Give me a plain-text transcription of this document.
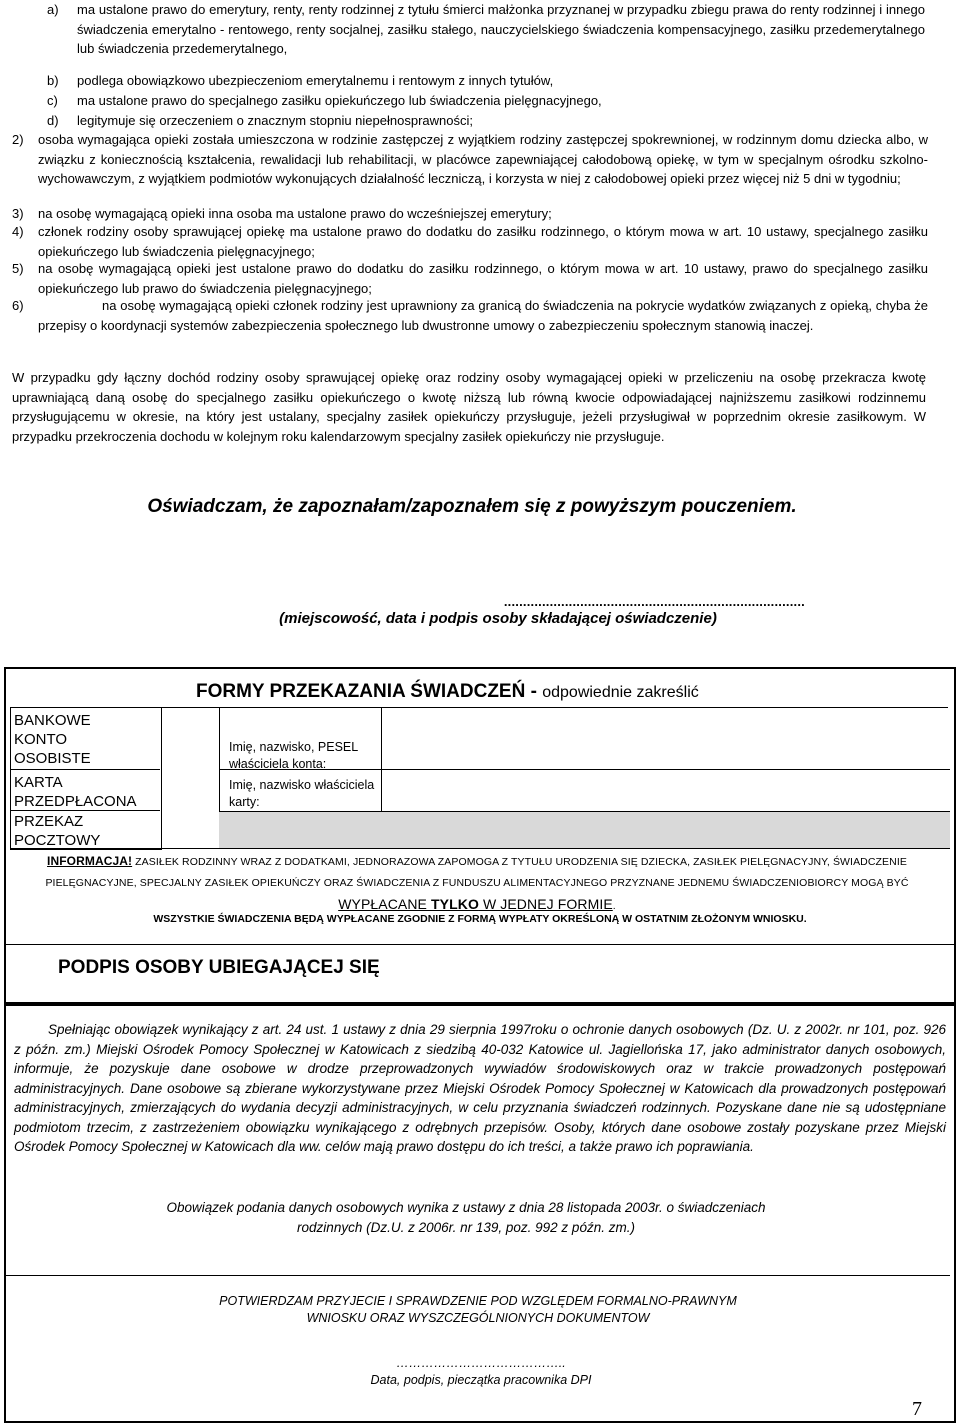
a) ma ustalone prawo do emerytury, renty, renty rodzinnej z tytułu śmierci małżonka przyznanej w przypadku zbiegu prawa do renty rodzinnej i innego świadczenia emerytalno - rentowego, renty socjalnej, zasiłku stałego, nauczycielskiego świadczenia kompensacyjnego, zasiłku przedemerytalnego lub świadczenia przedemerytalnego,
b) podlega obowiązkowo ubezpieczeniom emerytalnemu i rentowym z innych tytułów,
c) ma ustalone prawo do specjalnego zasiłku opiekuńczego lub świadczenia pielęgnacyjnego,
d) legitymuje się orzeczeniem o znacznym stopniu niepełnosprawności;
2) osoba wymagająca opieki została umieszczona w rodzinie zastępczej z wyjątkiem rodziny zastępczej spokrewnionej, w rodzinnym domu dziecka albo, w związku z koniecznością kształcenia, rewalidacji lub rehabilitacji, w placówce zapewniającej całodobową opiekę, w tym w specjalnym ośrodku szkolno-wychowawczym, z wyjątkiem podmiotów wykonujących działalność leczniczą, i korzysta w niej z całodobowej opieki przez więcej niż 5 dni w tygodniu;
3) na osobę wymagającą opieki inna osoba ma ustalone prawo do wcześniejszej emerytury;
4) członek rodziny osoby sprawującej opiekę ma ustalone prawo do dodatku do zasiłku rodzinnego, o którym mowa w art. 10 ustawy, specjalnego zasiłku opiekuńczego lub świadczenia pielęgnacyjnego;
5) na osobę wymagającą opieki jest ustalone prawo do dodatku do zasiłku rodzinnego, o którym mowa w art. 10 ustawy, prawo do specjalnego zasiłku opiekuńczego lub prawo do świadczenia pielęgnacyjnego;
6)	na osobę wymagającą opieki członek rodziny jest uprawniony za granicą do świadczenia na pokrycie wydatków związanych z opieką, chyba że przepisy o koordynacji systemów zabezpieczenia społecznego lub dwustronne umowy o zabezpieczeniu społecznym stanowią inaczej.
W przypadku gdy łączny dochód rodziny osoby sprawującej opiekę oraz rodziny osoby wymagającej opieki w przeliczeniu na osobę przekracza kwotę uprawniającą daną osobę do specjalnego zasiłku opiekuńczego o kwotę niższą lub równą kwocie odpowiadającej najniższemu zasiłkowi rodzinnemu przysługującemu w okresie, na który jest ustalany, specjalny zasiłek opiekuńczy przysługuje, jeżeli przysługiwał w poprzednim okresie zasiłkowym. W przypadku przekroczenia dochodu w kolejnym roku kalendarzowym specjalny zasiłek opiekuńczy nie przysługuje.
Oświadczam, że zapoznałam/zapoznałem się z powyższym pouczeniem.
...............................................................................
(miejscowość, data i podpis osoby składającej oświadczenie)
FORMY PRZEKAZANIA ŚWIADCZEŃ - odpowiednie zakreślić
BANKOWE KONTO OSOBISTE
KARTA PRZEDPŁACONA
PRZEKAZ POCZTOWY
Imię, nazwisko, PESEL właściciela konta:
Imię, nazwisko właściciela karty:
INFORMACJA! ZASIŁEK RODZINNY WRAZ Z DODATKAMI, JEDNORAZOWA ZAPOMOGA Z TYTUŁU URODZENIA SIĘ DZIECKA, ZASIŁEK PIELĘGNACYJNY, ŚWIADCZENIE PIELĘGNACYJNE, SPECJALNY ZASIŁEK OPIEKUŃCZY ORAZ ŚWIADCZENIA Z FUNDUSZU ALIMENTACYJNEGO PRZYZNANE JEDNEMU ŚWIADCZENIOBIORCY MOGĄ BYĆ WYPŁACANE TYLKO W JEDNEJ FORMIE.
WSZYSTKIE ŚWIADCZENIA BĘDĄ WYPŁACANE ZGODNIE Z FORMĄ WYPŁATY OKREŚLONĄ W OSTATNIM ZŁOŻONYM WNIOSKU.
PODPIS OSOBY UBIEGAJĄCEJ SIĘ
Spełniając obowiązek wynikający z art. 24 ust. 1 ustawy z dnia 29 sierpnia 1997roku o ochronie danych osobowych (Dz. U. z 2002r. nr 101, poz. 926 z późn. zm.) Miejski Ośrodek Pomocy Społecznej w Katowicach z siedzibą 40-032 Katowice ul. Jagiellońska 17, jako administrator danych osobowych, informuje, że pozyskuje dane osobowe w drodze przeprowadzonych wywiadów środowiskowych oraz w trakcie prowadzonych postępowań administracyjnych. Dane osobowe są zbierane wykorzystywane przez Miejski Ośrodek Pomocy Społecznej w Katowicach dla prowadzonych postępowań administracyjnych, zmierzających do wydania decyzji administracyjnych, w celu przyznania świadczeń rodzinnych. Pozyskane dane nie są udostępniane podmiotom trzecim, z zastrzeżeniem obowiązku wynikającego z odrębnych przepisów. Osoby, których dane osobowe zostały pozyskane przez Miejski Ośrodek Pomocy Społecznej w Katowicach dla ww. celów mają prawo dostępu do ich treści, a także prawo ich poprawiania.
Obowiązek podania danych osobowych wynika z ustawy z dnia 28 listopada 2003r. o świadczeniach rodzinnych (Dz.U. z 2006r. nr 139, poz. 992 z późn. zm.)
POTWIERDZAM PRZYJECIE I SPRAWDZENIE POD WZGLĘDEM FORMALNO-PRAWNYM
WNIOSKU ORAZ WYSZCZEGÓLNIONYCH DOKUMENTOW
…………………………………..
Data, podpis, pieczątka pracownika DPI
7
